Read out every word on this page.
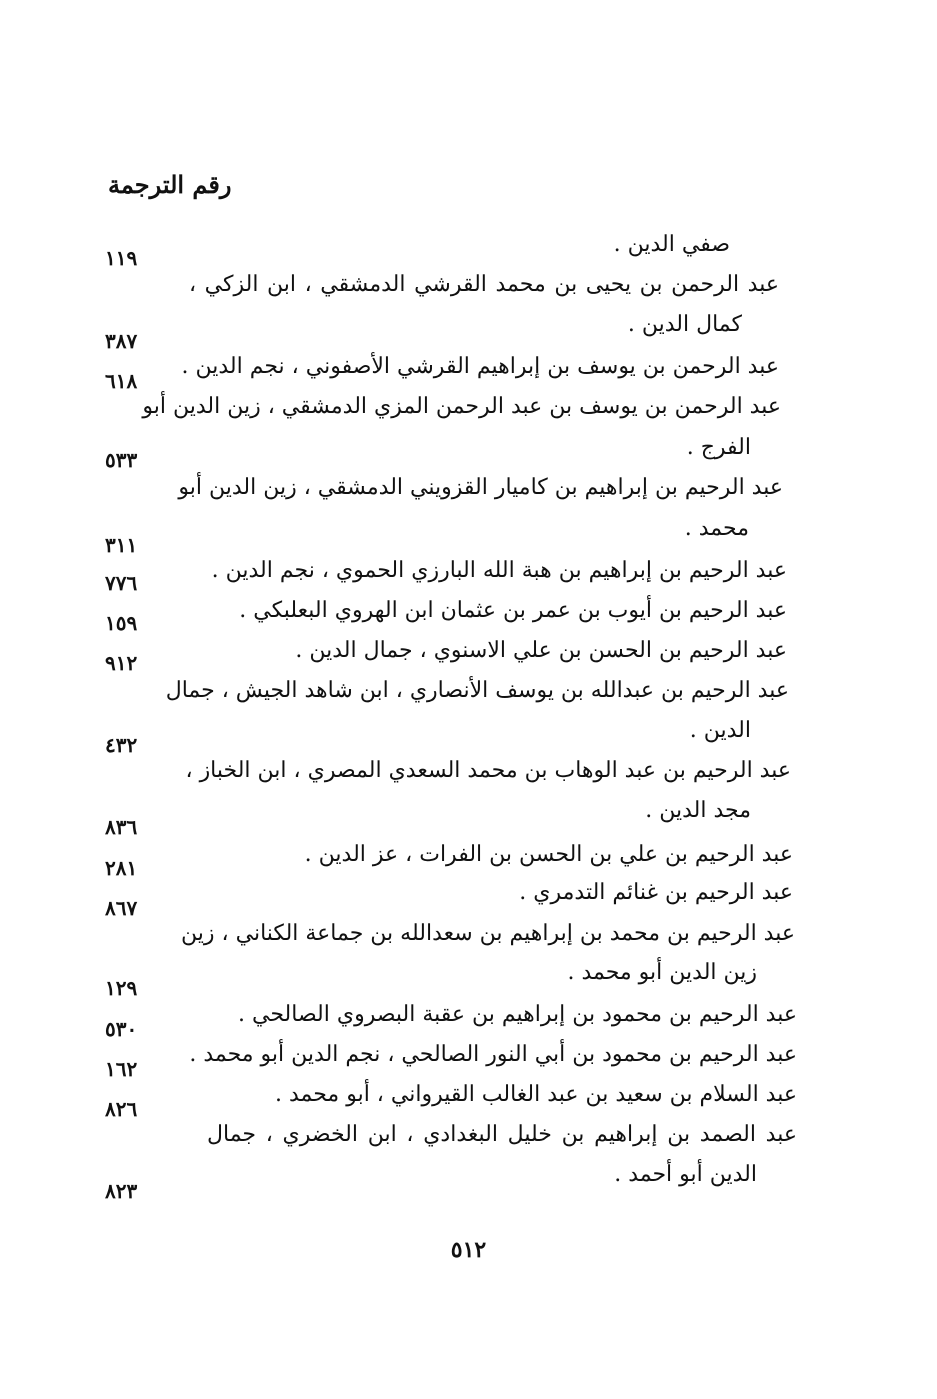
رقم الترجمة
صفي الدين .
١١٩
عبد الرحمن بن يحيى بن محمد القرشي الدمشقي ، ابن الزكي ،
كمال الدين .
٣٨٧
عبد الرحمن بن يوسف بن إبراهيم القرشي الأصفوني ، نجم الدين .
٦١٨
عبد الرحمن بن يوسف بن عبد الرحمن المزي الدمشقي ، زين الدين أبو
الفرج .
٥٣٣
عبد الرحيم بن إبراهيم بن كاميار القزويني الدمشقي ، زين الدين أبو
محمد .
٣١١
عبد الرحيم بن إبراهيم بن هبة الله البارزي الحموي ، نجم الدين .
٧٧٦
عبد الرحيم بن أيوب بن عمر بن عثمان ابن الهروي البعلبكي .
١٥٩
عبد الرحيم بن الحسن بن علي الاسنوي ، جمال الدين .
٩١٢
عبد الرحيم بن عبدالله بن يوسف الأنصاري ، ابن شاهد الجيش ، جمال
الدين .
٤٣٢
عبد الرحيم بن عبد الوهاب بن محمد السعدي المصري ، ابن الخباز ،
مجد الدين .
٨٣٦
عبد الرحيم بن علي بن الحسن بن الفرات ، عز الدين .
٢٨١
عبد الرحيم بن غنائم التدمري .
٨٦٧
عبد الرحيم بن محمد بن إبراهيم بن سعدالله بن جماعة الكناني ، زين
زين الدين أبو محمد .
١٢٩
عبد الرحيم بن محمود بن إبراهيم بن عقبة البصروي الصالحي .
٥٣٠
عبد الرحيم بن محمود بن أبي النور الصالحي ، نجم الدين أبو محمد .
١٦٢
عبد السلام بن سعيد بن عبد الغالب القيرواني ، أبو محمد .
٨٢٦
عبد الصمد بن إبراهيم بن خليل البغدادي ، ابن الخضري ، جمال
الدين أبو أحمد .
٨٢٣
٥١٢
